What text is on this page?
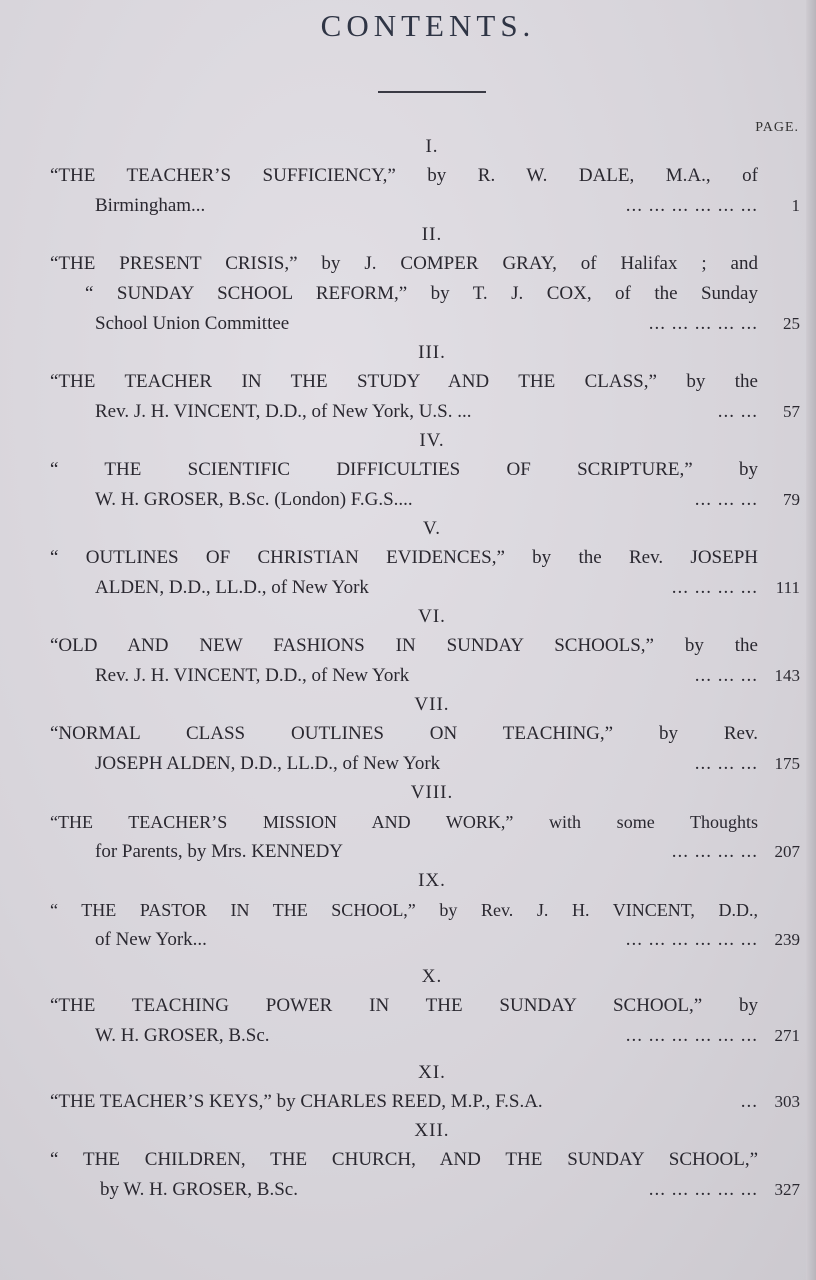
CONTENTS.
PAGE.
I.
“THE TEACHER’S SUFFICIENCY,” by R. W. DALE, M.A., of
Birmingham...	... ... ... ... ... ...	1
II.
“THE PRESENT CRISIS,” by J. COMPER GRAY, of Halifax ; and
“ SUNDAY SCHOOL REFORM,” by T. J. COX, of the Sunday
School Union Committee	... ... ... ... ...	25
III.
“THE TEACHER IN THE STUDY AND THE CLASS,” by the
Rev. J. H. VINCENT, D.D., of New York, U.S. ...	... ...	57
IV.
“ THE SCIENTIFIC DIFFICULTIES OF SCRIPTURE,” by
W. H. GROSER, B.Sc. (London) F.G.S....	... ... ...	79
V.
“ OUTLINES OF CHRISTIAN EVIDENCES,” by the Rev. JOSEPH
ALDEN, D.D., LL.D., of New York	... ... ... ...	111
VI.
“OLD AND NEW FASHIONS IN SUNDAY SCHOOLS,” by the
Rev. J. H. VINCENT, D.D., of New York	... ... ... 143
VII.
“NORMAL CLASS OUTLINES ON TEACHING,” by Rev.
JOSEPH ALDEN, D.D., LL.D., of New York	... ... ... 175
VIII.
“THE TEACHER’S MISSION AND WORK,” with some Thoughts
for Parents, by Mrs. KENNEDY	... ... ... ... 207
IX.
“ THE PASTOR IN THE SCHOOL,” by Rev. J. H. VINCENT, D.D.,
of New York...	... ... ... ... ... ... 239
X.
“THE TEACHING POWER IN THE SUNDAY SCHOOL,” by
W. H. GROSER, B.Sc.	... ... ... ... ... ... 271
XI.
“THE TEACHER’S KEYS,” by CHARLES REED, M.P., F.S.A.	... 303
XII.
“ THE CHILDREN, THE CHURCH, AND THE SUNDAY SCHOOL,”
by W. H. GROSER, B.Sc.	... ... ... ... ... 327
